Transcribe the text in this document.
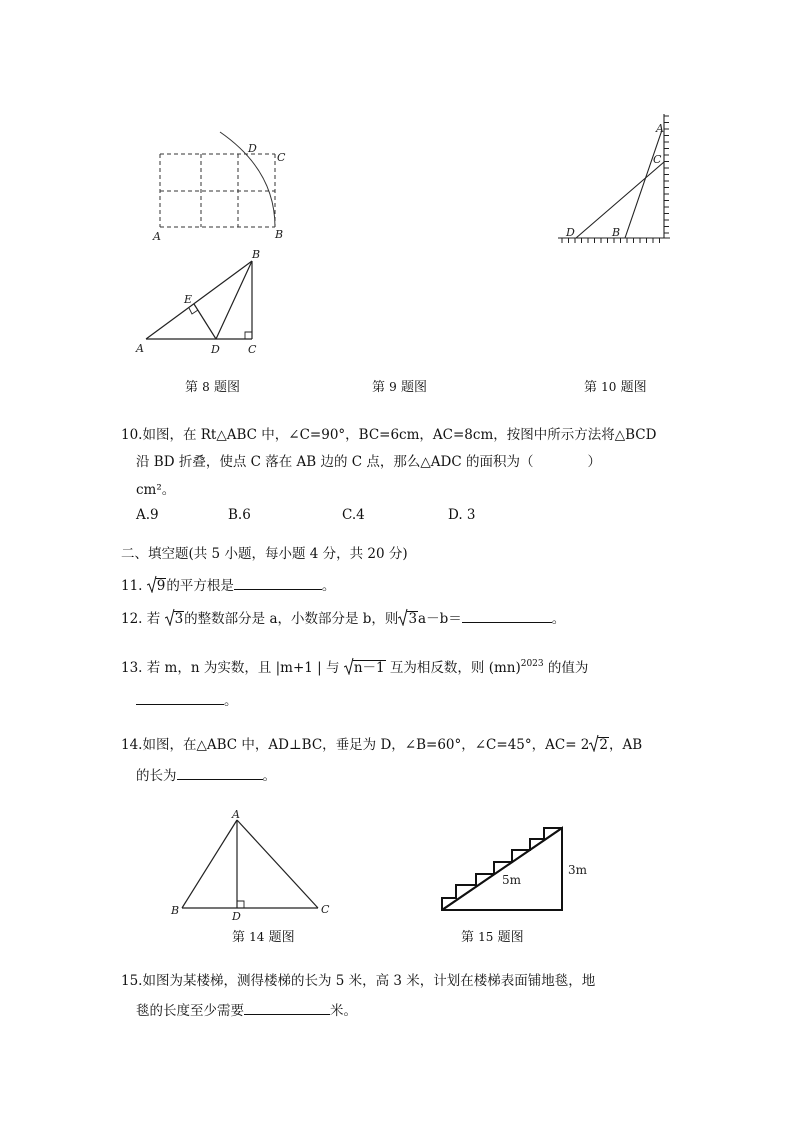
D
C
A	B
B
E
A	D	C
A
C
D	B
第 8 题图	第 9 题图	第 10 题图
10.如图，在 Rt△ABC 中，∠C=90°，BC=6cm，AC=8cm，按图中所示方法将△BCD
沿 BD 折叠，使点 C 落在 AB 边的 C 点，那么△ADC 的面积为（　　　　）
cm²。
A.9	B.6	C.4	D. 3
二、填空题(共 5 小题，每小题 4 分，共 20 分)
11.
9的平方根是	。
12. 若 3的整数部分是 a，小数部分是 b，则 3a－b＝	。
13. 若 m，n 为实数，且 |m+1 | 与 n－1 互为相反数，则 (mn)$^{2023}$ 的值为
。
14.如图，在△ABC 中，AD⊥BC，垂足为 D，∠B=60°，∠C=45°，AC= 2 2，AB
的长为	。
A
B	D
C
5m
3m
第 14 题图	第 15 题图
15.如图为某楼梯，测得楼梯的长为 5 米，高 3 米，计划在楼梯表面铺地毯，地
毯的长度至少需要	米。
